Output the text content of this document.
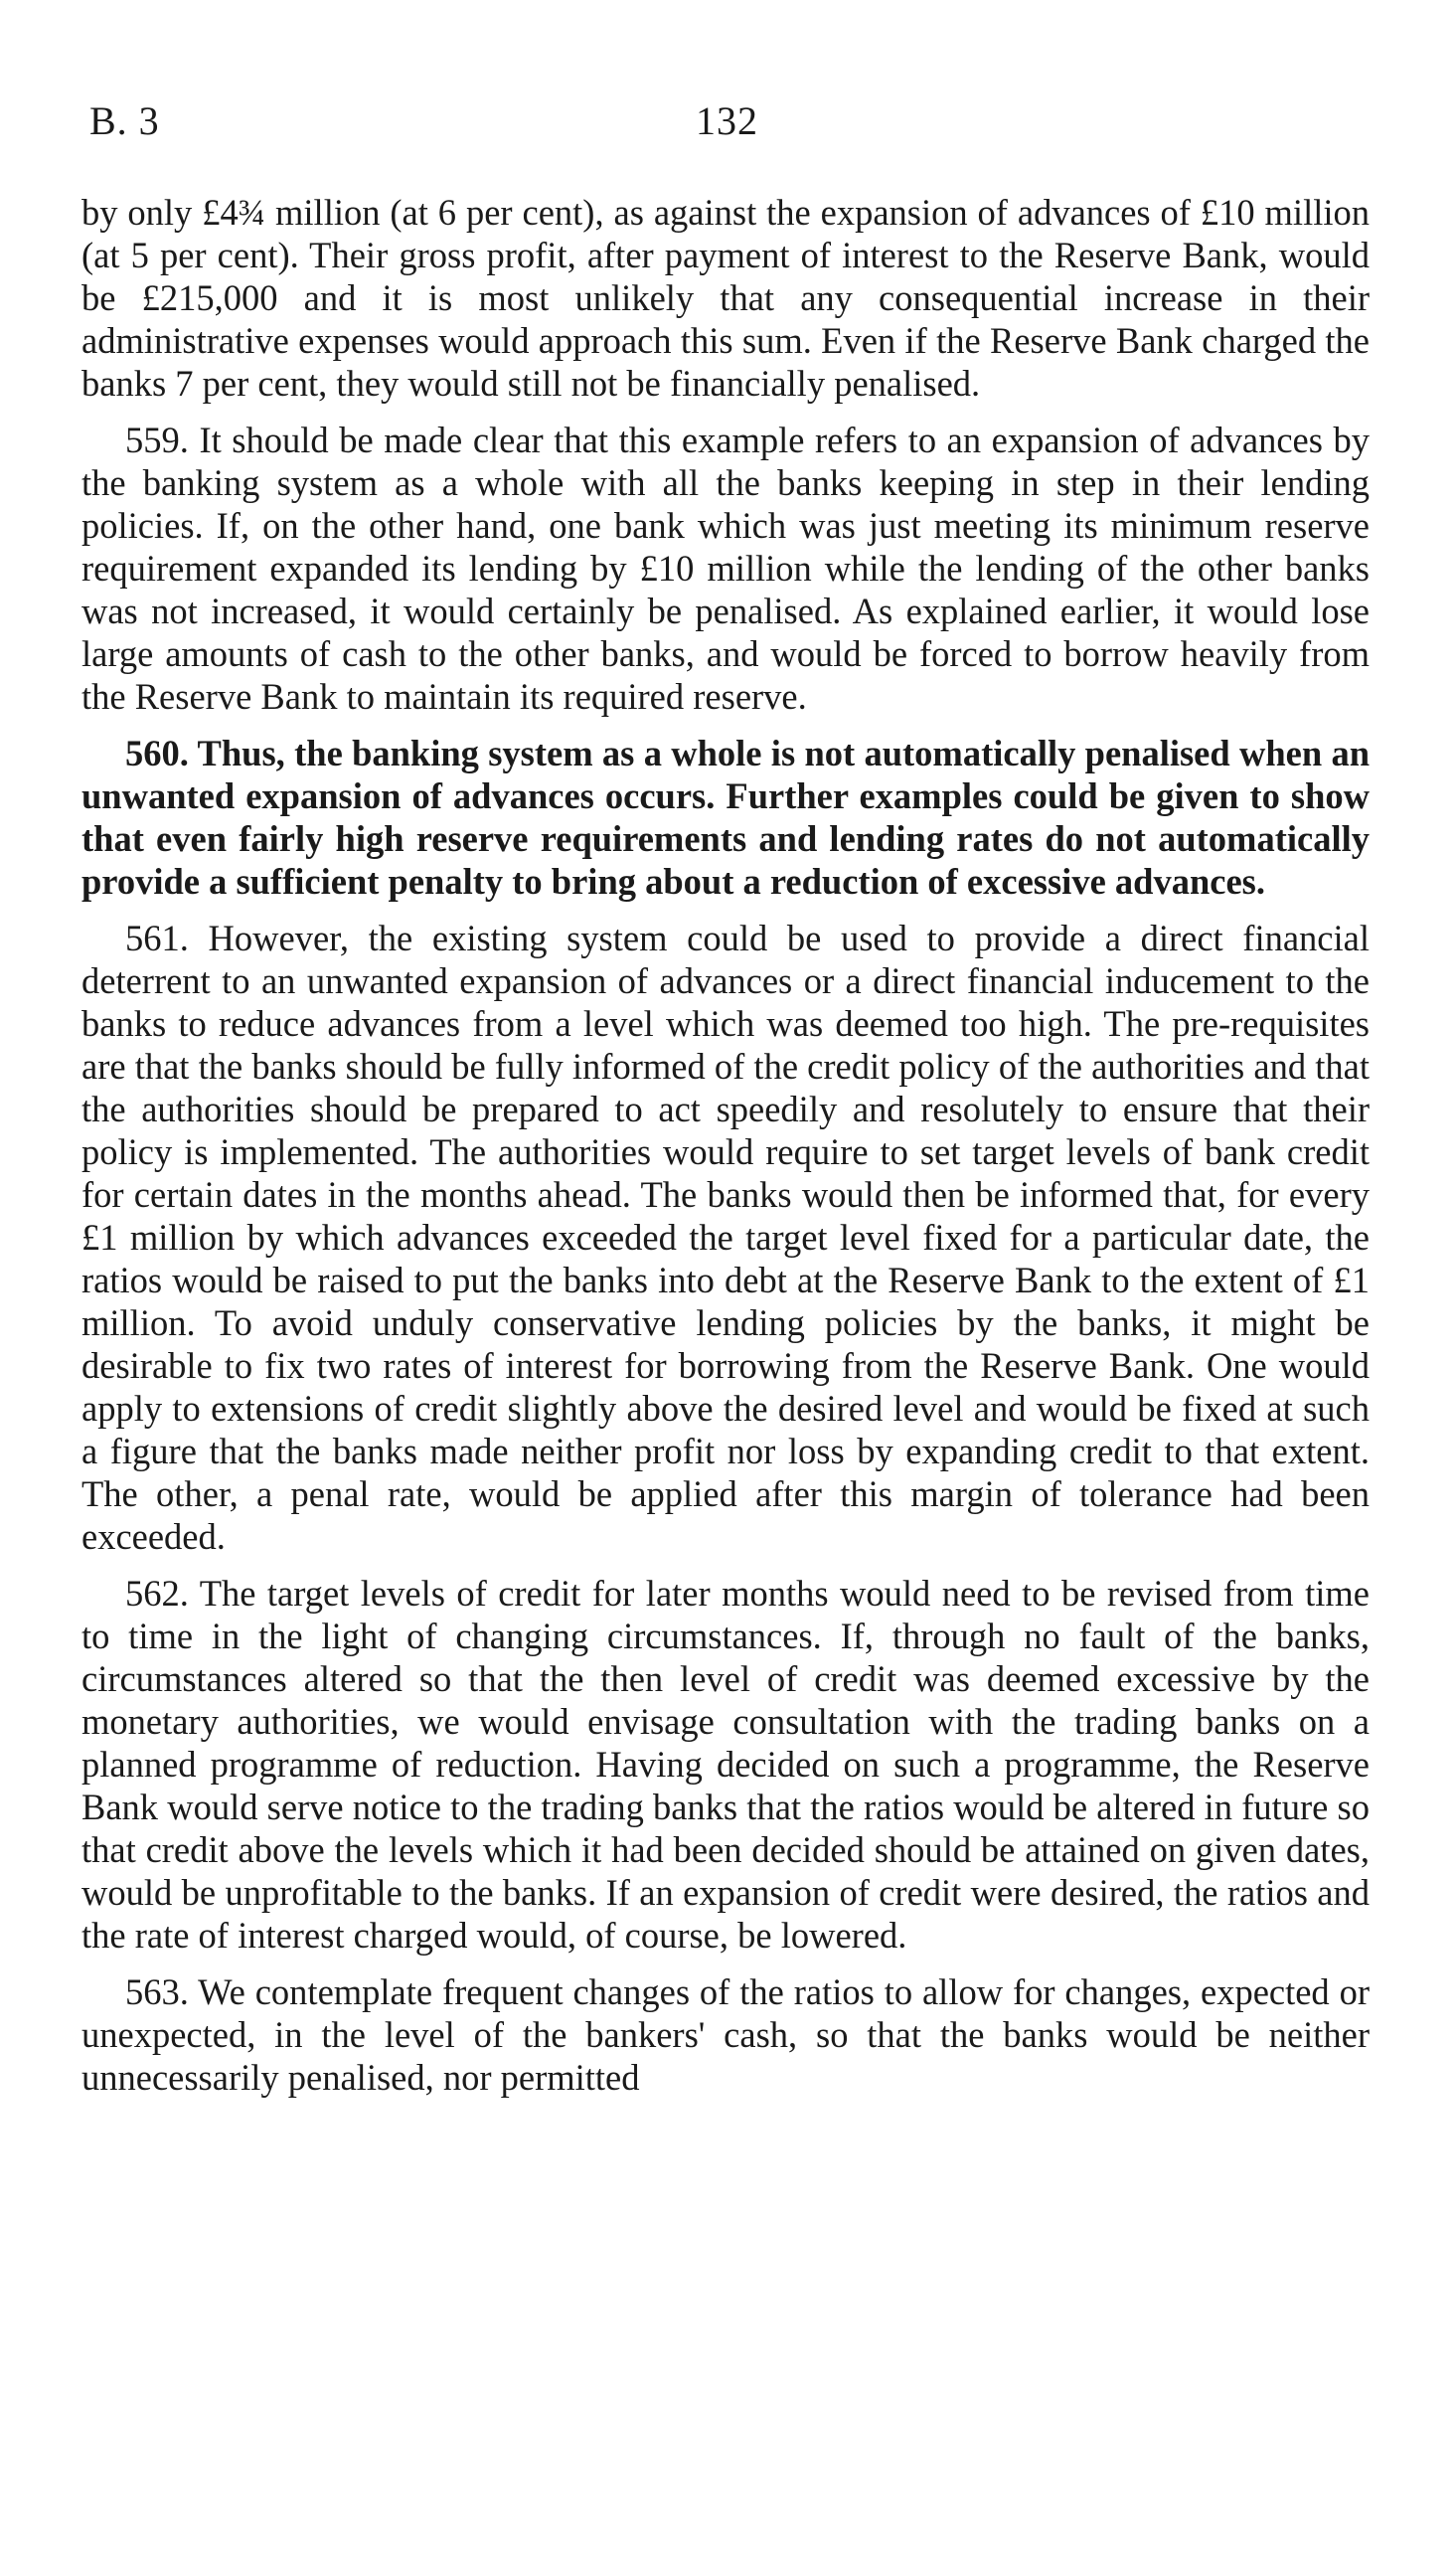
B. 3	132

by only £4¾ million (at 6 per cent), as against the expansion of advances of £10 million (at 5 per cent). Their gross profit, after payment of interest to the Reserve Bank, would be £215,000 and it is most unlikely that any consequential increase in their administrative expenses would approach this sum. Even if the Reserve Bank charged the banks 7 per cent, they would still not be financially penalised.

559. It should be made clear that this example refers to an expansion of advances by the banking system as a whole with all the banks keeping in step in their lending policies. If, on the other hand, one bank which was just meeting its minimum reserve requirement expanded its lending by £10 million while the lending of the other banks was not increased, it would certainly be penalised. As explained earlier, it would lose large amounts of cash to the other banks, and would be forced to borrow heavily from the Reserve Bank to maintain its required reserve.

560. Thus, the banking system as a whole is not automatically penalised when an unwanted expansion of advances occurs. Further examples could be given to show that even fairly high reserve requirements and lending rates do not automatically provide a sufficient penalty to bring about a reduction of excessive advances.

561. However, the existing system could be used to provide a direct financial deterrent to an unwanted expansion of advances or a direct financial inducement to the banks to reduce advances from a level which was deemed too high. The pre-requisites are that the banks should be fully informed of the credit policy of the authorities and that the authorities should be prepared to act speedily and resolutely to ensure that their policy is implemented. The authorities would require to set target levels of bank credit for certain dates in the months ahead. The banks would then be informed that, for every £1 million by which advances exceeded the target level fixed for a particular date, the ratios would be raised to put the banks into debt at the Reserve Bank to the extent of £1 million. To avoid unduly conservative lending policies by the banks, it might be desirable to fix two rates of interest for borrowing from the Reserve Bank. One would apply to extensions of credit slightly above the desired level and would be fixed at such a figure that the banks made neither profit nor loss by expanding credit to that extent. The other, a penal rate, would be applied after this margin of tolerance had been exceeded.

562. The target levels of credit for later months would need to be revised from time to time in the light of changing circumstances. If, through no fault of the banks, circumstances altered so that the then level of credit was deemed excessive by the monetary authorities, we would envisage consultation with the trading banks on a planned programme of reduction. Having decided on such a programme, the Reserve Bank would serve notice to the trading banks that the ratios would be altered in future so that credit above the levels which it had been decided should be attained on given dates, would be unprofitable to the banks. If an expansion of credit were desired, the ratios and the rate of interest charged would, of course, be lowered.

563. We contemplate frequent changes of the ratios to allow for changes, expected or unexpected, in the level of the bankers' cash, so that the banks would be neither unnecessarily penalised, nor permitted
